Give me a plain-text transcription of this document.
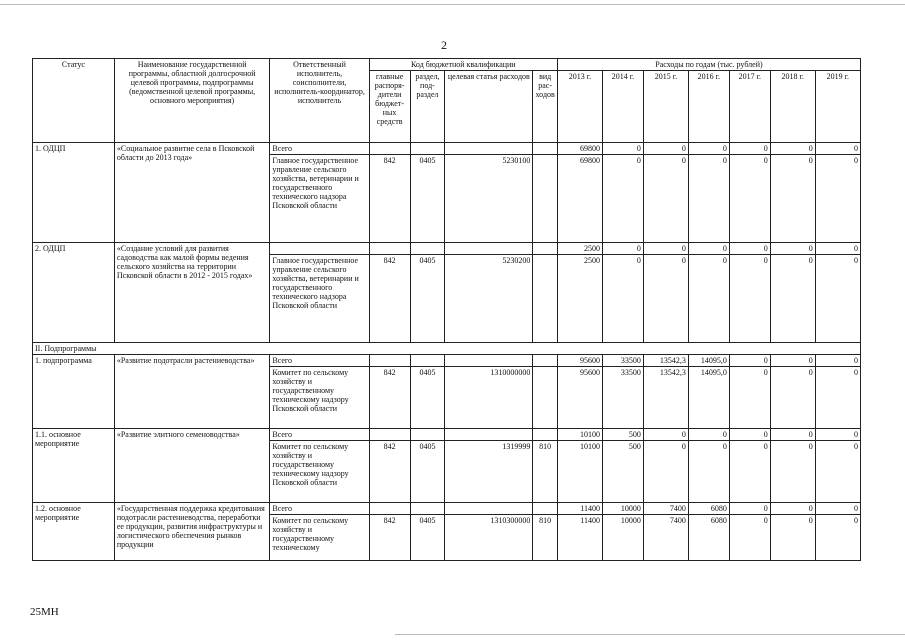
2
Статус	Наименование государственной программы, областной долгосрочной целевой программы, подпрограммы (ведомственной целевой программы, основного мероприятия)	Ответственный исполнитель, соисполнители, исполнитель-координатор, исполнитель	Код бюджетной квалификации				Расходы по годам (тыс. рублей)						
			главные распоря-дители бюджет-ных средств	раздел, под-раздел	целевая статья расходов	вид рас-ходов	2013 г.	2014 г.	2015 г.	2016 г.	2017 г.	2018 г.	2019 г.
1. ОДЦП	«Социальное развитие села в Псковской области до 2013 года»	Всего					69800	0	0	0	0	0	0
		Главное государственное управление сельского хозяйства, ветеринарии и государственного технического надзора Псковской области	842	0405	5230100		69800	0	0	0	0	0	0
2. ОДЦП	«Создание условий для развития садоводства как малой формы ведения сельского хозяйства на территории Псковской области в 2012 - 2015 годах»						2500	0	0	0	0	0	0
		Главное государственное управление сельского хозяйства, ветеринарии и государственного технического надзора Псковской области	842	0405	5230200		2500	0	0	0	0	0	0
II. Подпрограммы													
1. подпрограмма	«Развитие подотрасли растениеводства»	Всего					95600	33500	13542,3	14095,0	0	0	0
		Комитет по сельскому хозяйству и государственному техническому надзору Псковской области	842	0405	1310000000		95600	33500	13542,3	14095,0	0	0	0
1.1. основное мероприятие	«Развитие элитного семеноводства»	Всего					10100	500	0	0	0	0	0
		Комитет по сельскому хозяйству и государственному техническому надзору Псковской области	842	0405	1319999	810	10100	500	0	0	0	0	0
1.2. основное мероприятие	«Государственная поддержка кредитования подотрасли растениеводства, переработки ее продукции, развития инфраструктуры и логистического обеспечения рынков продукции	Всего					11400	10000	7400	6080	0	0	0
		Комитет по сельскому хозяйству и государственному техническому	842	0405	1310300000	810	11400	10000	7400	6080	0	0	0
25МН
